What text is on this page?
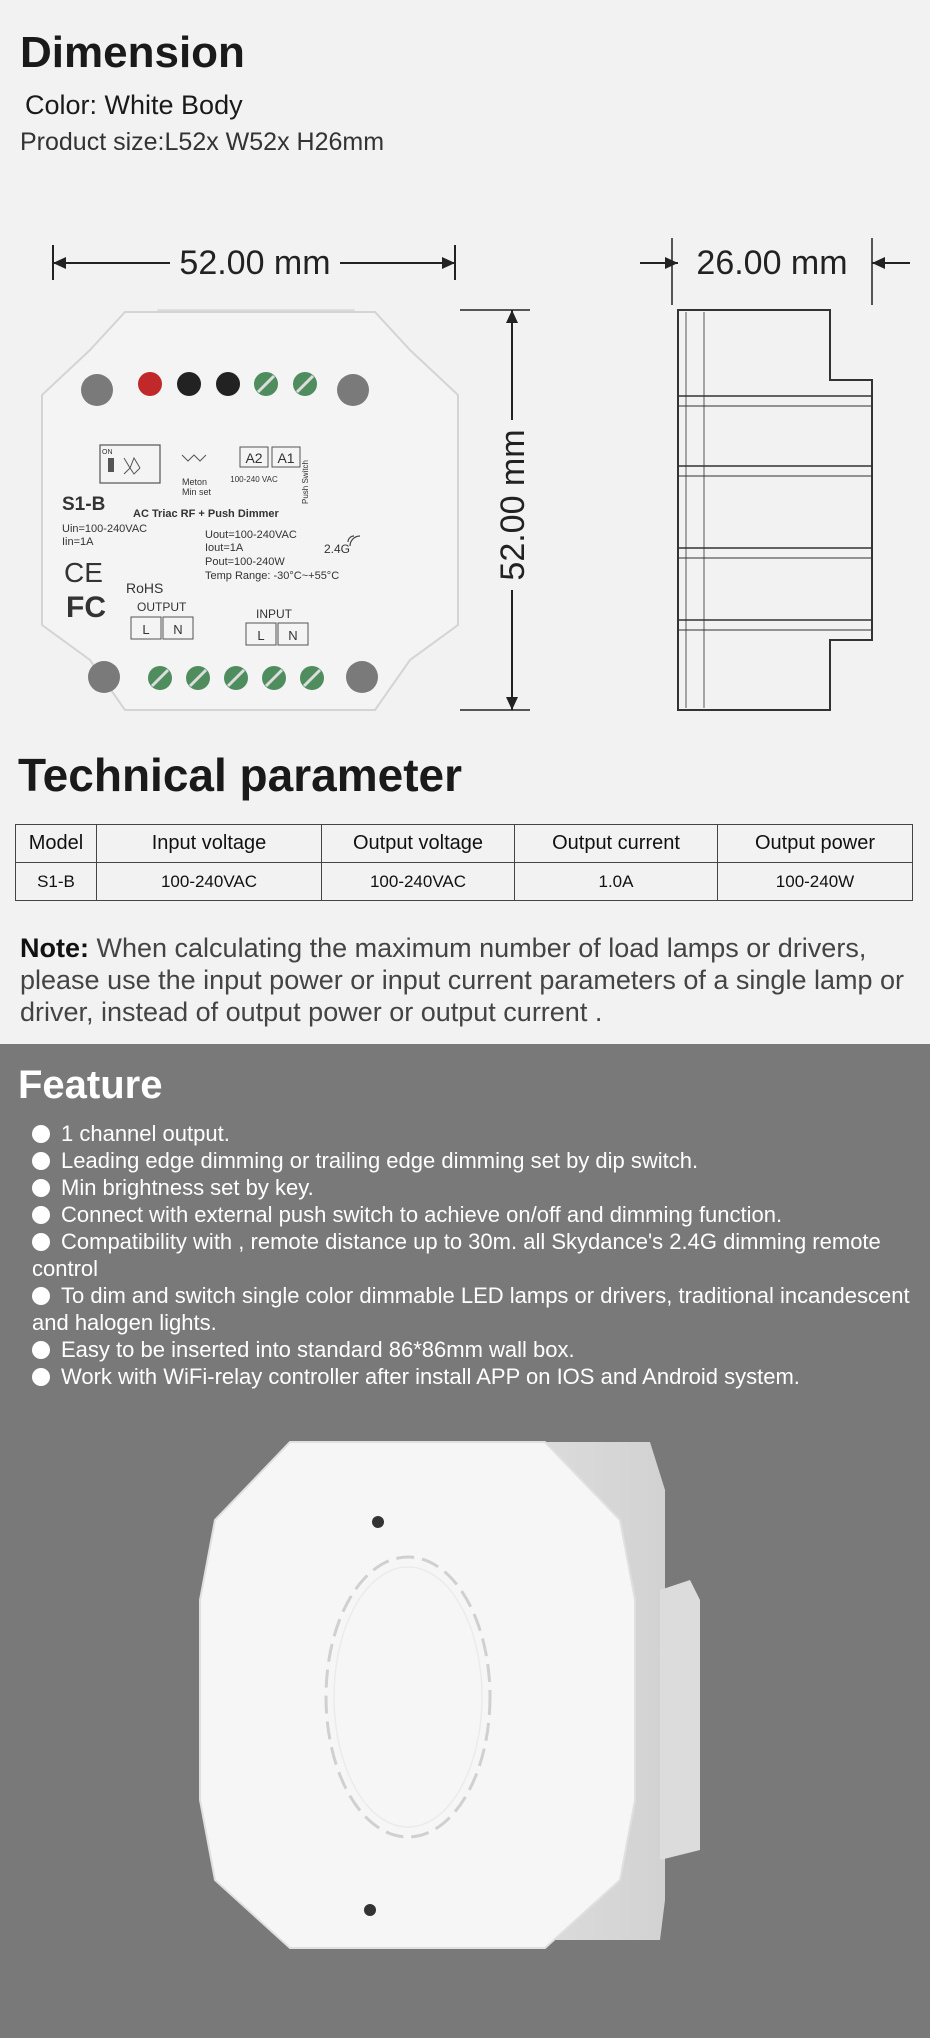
Dimension
Color: White Body
Product size:L52x W52x H26mm
52.00 mm
52.00 mm
ON
Meton
Min set
A2 A1
100-240 VAC	Push Switch
S1-B	AC Triac RF + Push Dimmer
Uin=100-240VAC
Iin=1A
Uout=100-240VAC
Iout=1A
Pout=100-240W
Temp Range: -30°C~+55°C
2.4G
CE RoHS
FC	OUTPUT
L N
INPUT
L N
26.00 mm
Technical parameter
Model	Input voltage	Output voltage	Output current	Output power
S1-B	100-240VAC	100-240VAC	1.0A	100-240W
Note: When calculating the maximum number of load lamps or drivers, please use the input power or input current parameters of a single lamp or driver, instead of output power or output current .
Feature
1 channel output.
Leading edge dimming or trailing edge dimming set by dip switch.
Min brightness set by key.
Connect with external push switch to achieve on/off and dimming function.
Compatibility with , remote distance up to 30m. all Skydance's 2.4G dimming remote control
To dim and switch single color dimmable LED lamps or drivers, traditional incandescent and halogen lights.
Easy to be inserted into standard 86*86mm wall box.
Work with WiFi-relay controller after install APP on IOS and Android system.
